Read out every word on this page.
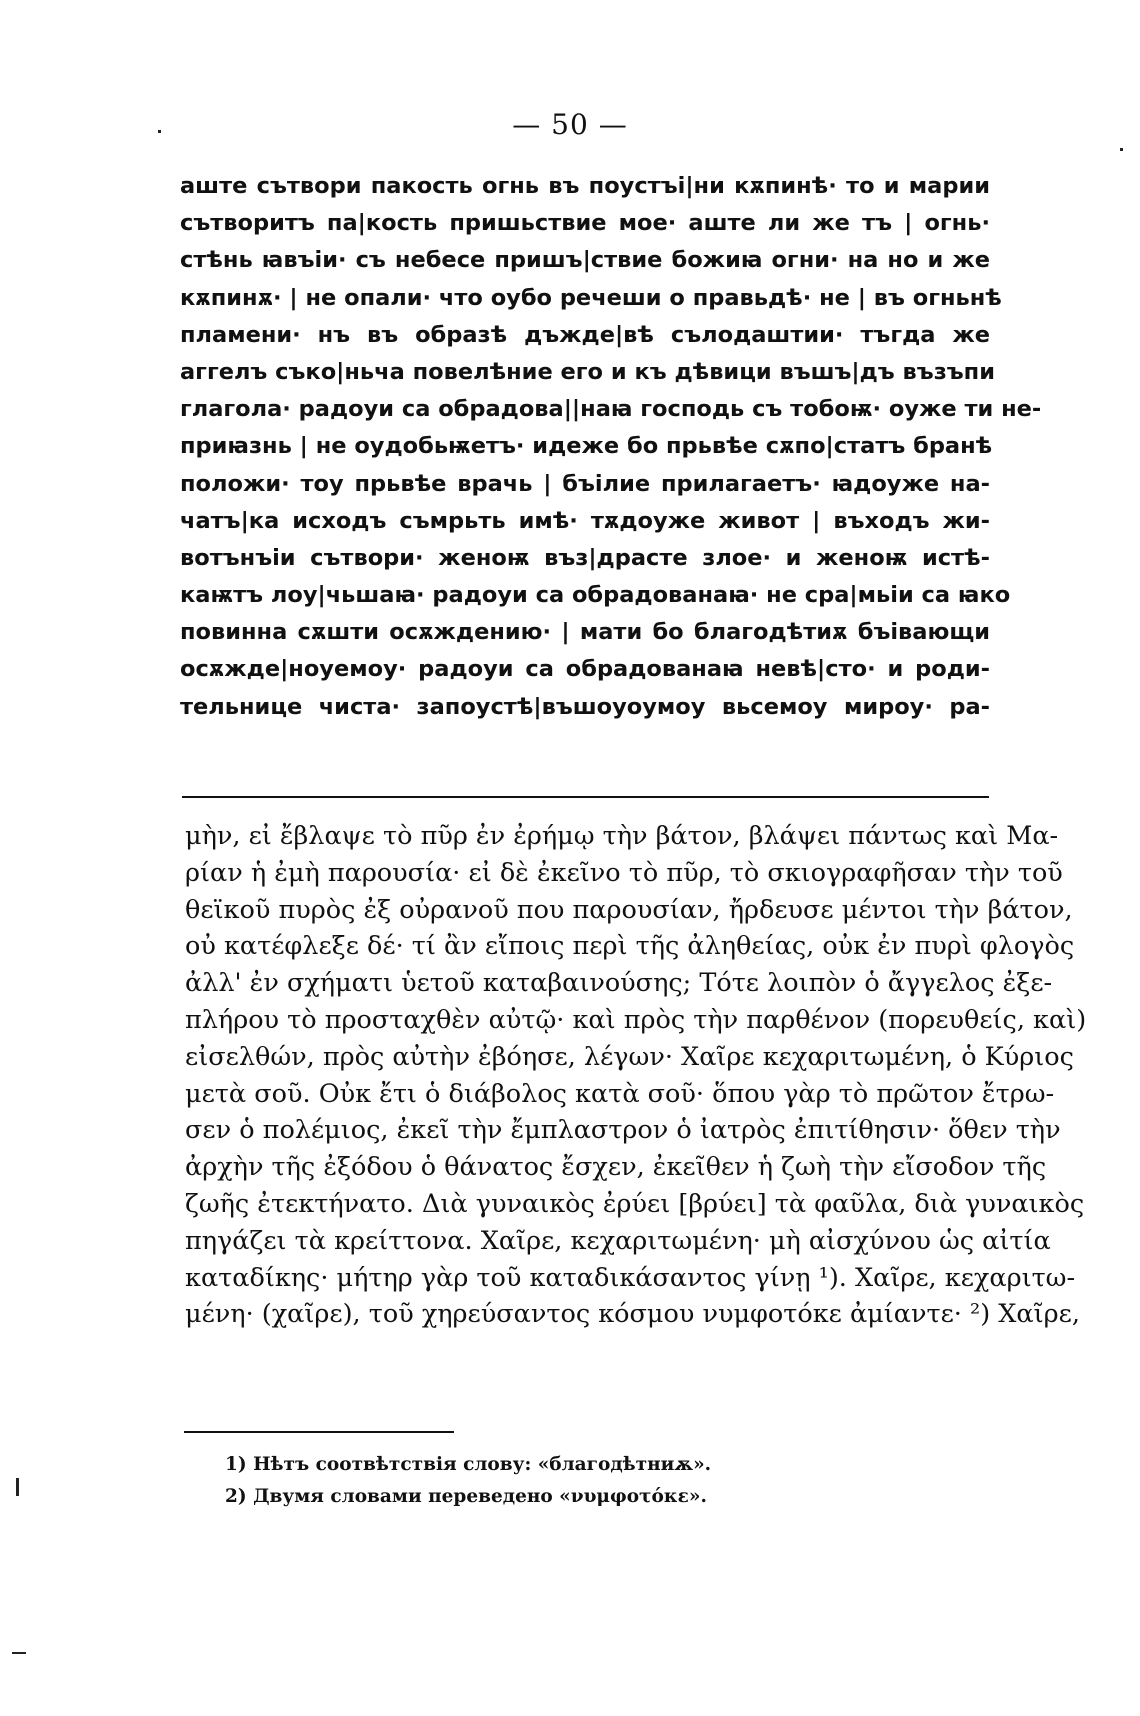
— 50 —
аште сътвори пакость огнь въ поустъі|ни кѫпинѣ· то и марии
сътворитъ па|кость пришьствие мое· аште ли же тъ | огнь·
стѣнь ꙗвъіи· съ небесе пришъ|ствие божиꙗ огни· на но и же
кѫпинѫ· | не опали· что оубо речеши о правьдѣ· не | въ огньнѣ
пламени· нъ въ образѣ дъжде|вѣ сълодаштии· тъгда же
аггелъ съко|ньча повелѣние его и къ дѣвици въшъ|дъ възъпи
глагола· радоуи са обрадова||наꙗ господь съ тобоѭ· оуже ти не-
приꙗзнь | не оудобьѭетъ· идеже бо прьвѣе сѫпо|статъ бранѣ
положи· тоу прьвѣе врачь | бъілие прилагаетъ· ꙗдоуже на-
чатъ|ка исходъ съмрьть имѣ· тѫдоуже живот | въходъ жи-
вотънъіи сътвори· женоѭ въз|драсте злое· и женоѭ истѣ-
каѭтъ лоу|чьшаꙗ· радоуи са обрадованаꙗ· не сра|мьіи са ꙗко
повинна сѫшти осѫждению· | мати бо благодѣтиѫ бъівающи
осѫжде|ноуемоу· радоуи са обрадованаꙗ невѣ|сто· и роди-
тельнице чиста· запоустѣ|въшоуоумоу вьсемоу мироу· ра-
μὴν, εἰ ἔβλαψε τὸ πῦρ ἐν ἐρήμῳ τὴν βάτον, βλάψει πάντως καὶ Μα-
ρίαν ἡ ἐμὴ παρουσία· εἰ δὲ ἐκεῖνο τὸ πῦρ, τὸ σκιογραφῆσαν τὴν τοῦ
θεϊκοῦ πυρὸς ἐξ οὐρανοῦ που παρουσίαν, ἤρδευσε μέντοι τὴν βάτον,
οὐ κατέφλεξε δέ· τί ἂν εἴποις περὶ τῆς ἀληθείας, οὐκ ἐν πυρὶ φλογὸς
ἀλλ' ἐν σχήματι ὑετοῦ καταβαινούσης; Τότε λοιπὸν ὁ ἄγγελος ἐξε-
πλήρου τὸ προσταχθὲν αὐτῷ· καὶ πρὸς τὴν παρθένον (πορευθείς, καὶ)
εἰσελθών, πρὸς αὐτὴν ἐβόησε, λέγων· Χαῖρε κεχαριτωμένη, ὁ Κύριος
μετὰ σοῦ. Οὐκ ἔτι ὁ διάβολος κατὰ σοῦ· ὅπου γὰρ τὸ πρῶτον ἔτρω-
σεν ὁ πολέμιος, ἐκεῖ τὴν ἔμπλαστρον ὁ ἰατρὸς ἐπιτίθησιν· ὅθεν τὴν
ἀρχὴν τῆς ἐξόδου ὁ θάνατος ἔσχεν, ἐκεῖθεν ἡ ζωὴ τὴν εἴσοδον τῆς
ζωῆς ἐτεκτήνατο. Διὰ γυναικὸς ἐρύει [βρύει] τὰ φαῦλα, διὰ γυναικὸς
πηγάζει τὰ κρείττονα. Χαῖρε, κεχαριτωμένη· μὴ αἰσχύνου ὡς αἰτία
καταδίκης· μήτηρ γὰρ τοῦ καταδικάσαντος γίνῃ ¹). Χαῖρε, κεχαριτω-
μένη· (χαῖρε), τοῦ χηρεύσαντος κόσμου νυμφοτόκε ἀμίαντε· ²) Χαῖρε,
1) Нѣтъ соотвѣтствія слову: «благодѣтниѫ».
2) Двумя словами переведено «νυμφοτόκε».
